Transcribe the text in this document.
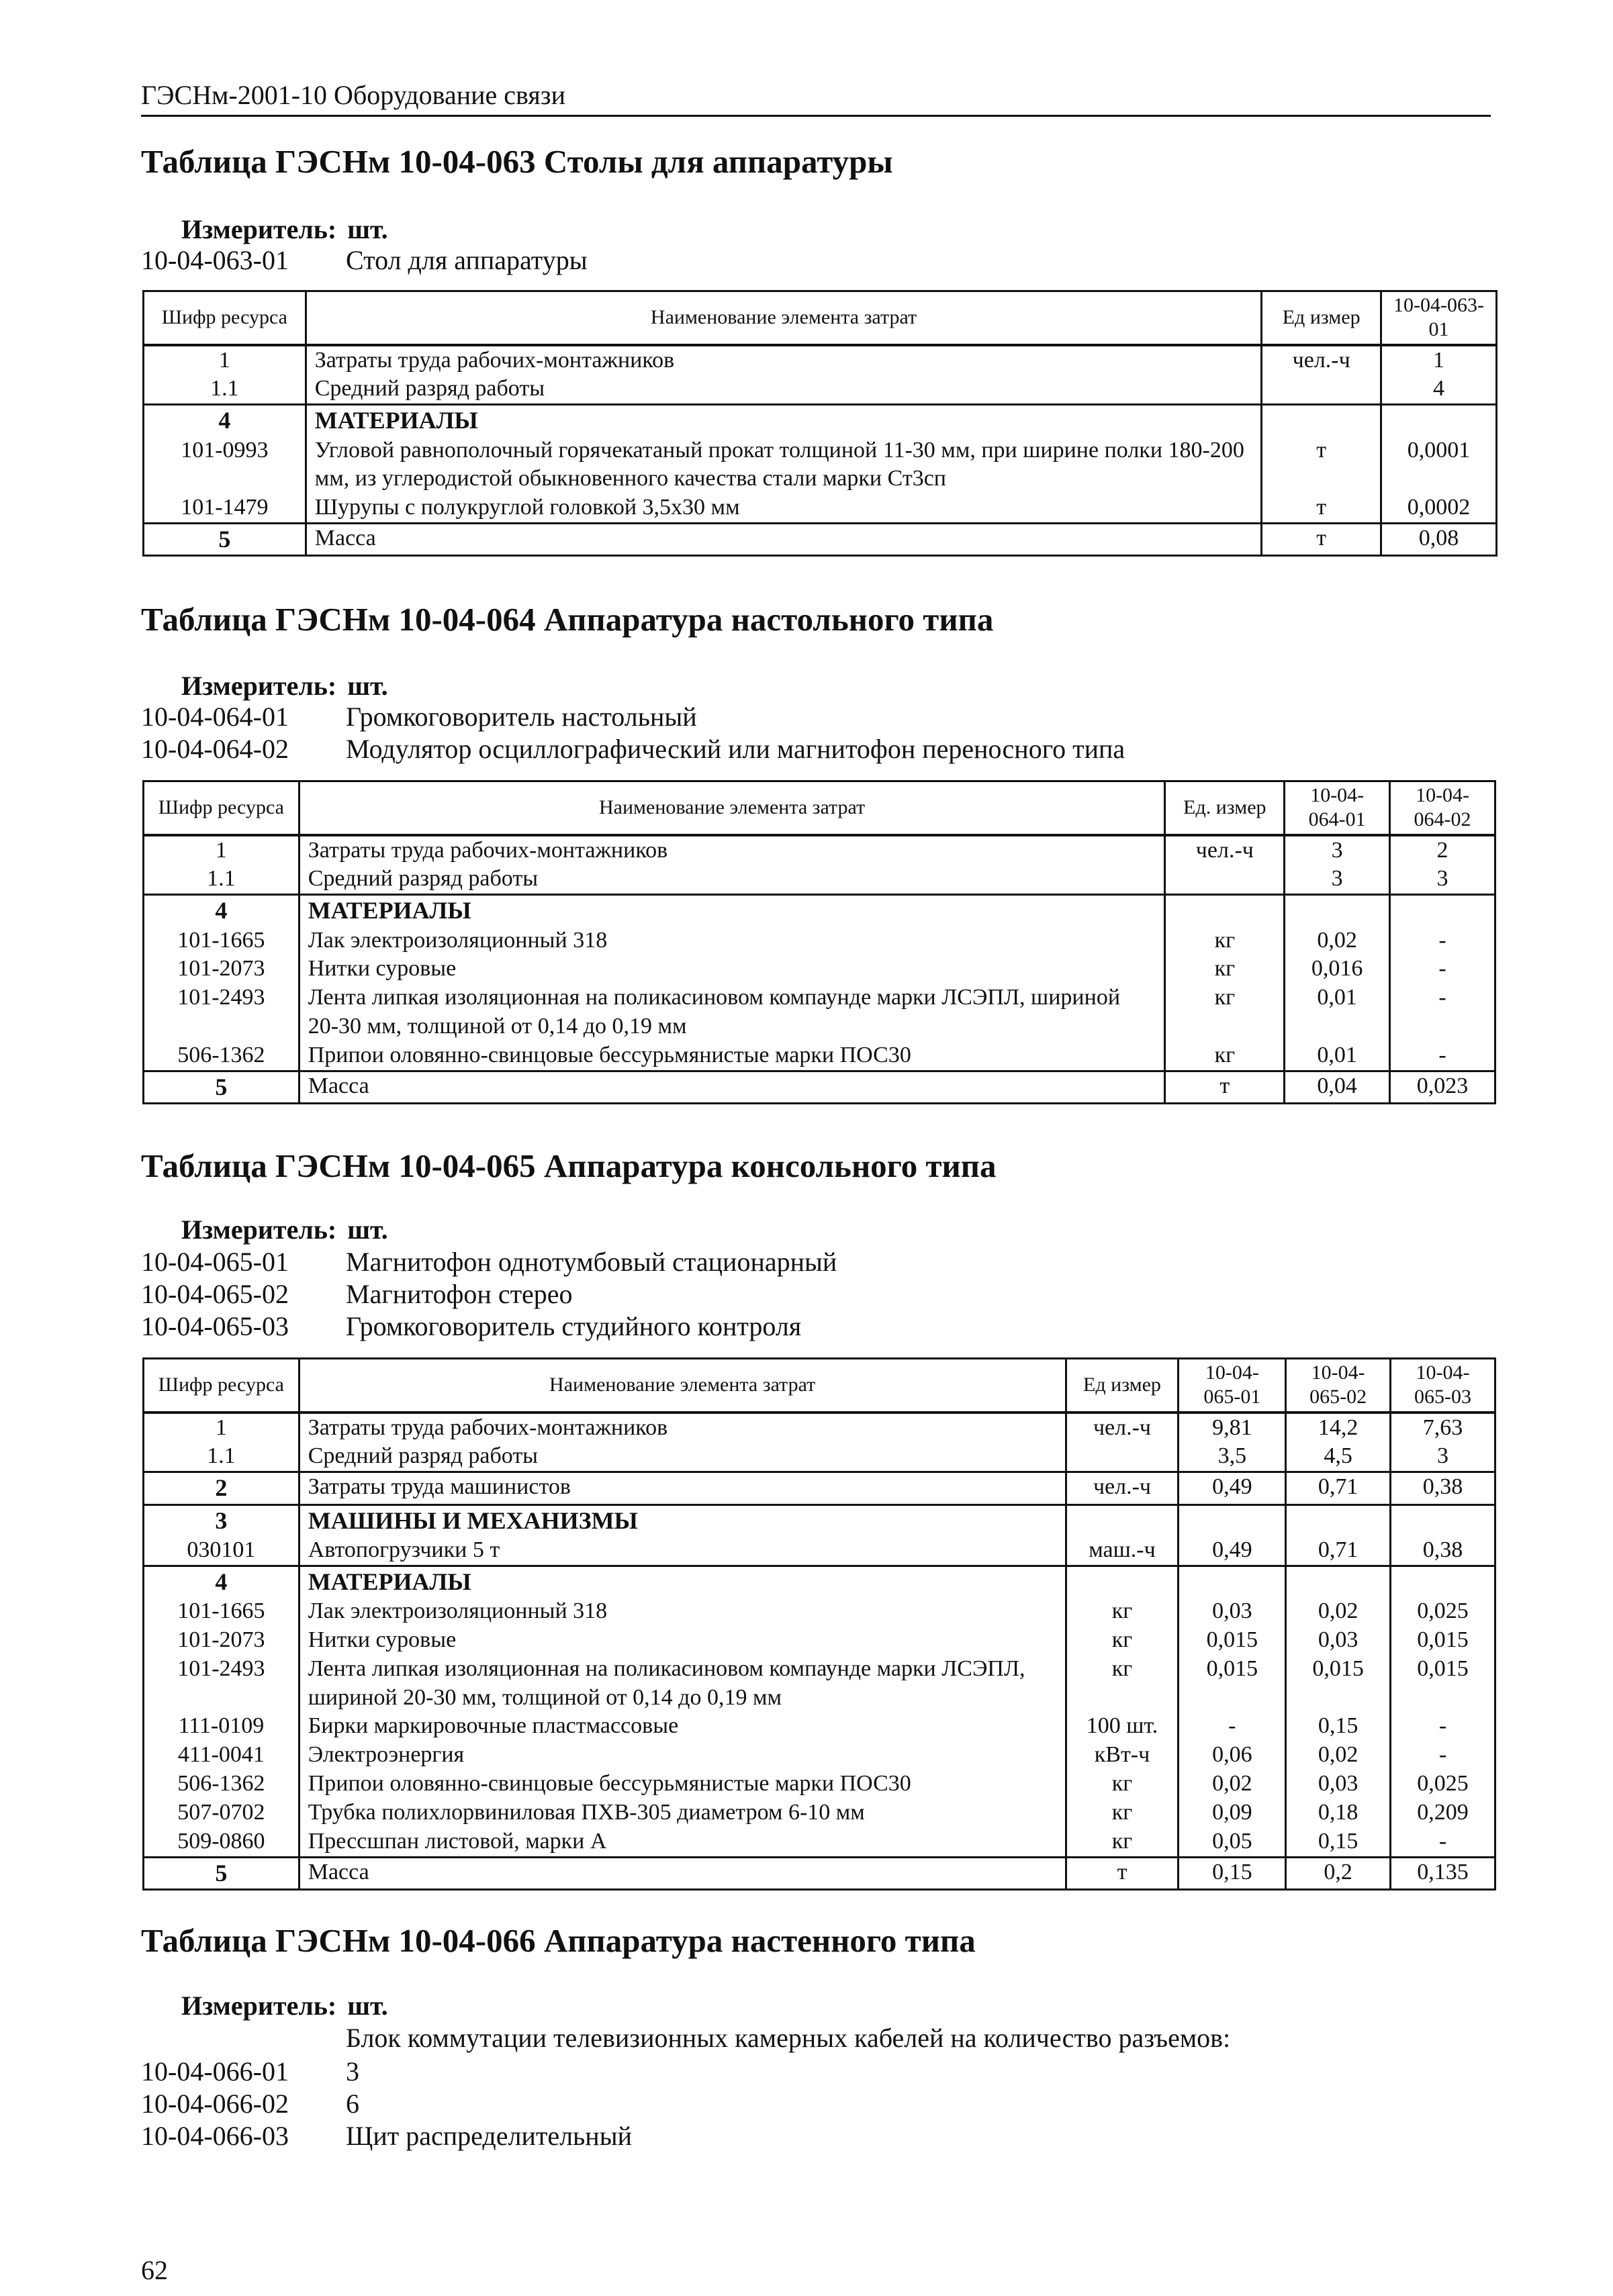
ГЭСНм-2001-10 Оборудование связи
Таблица ГЭСНм 10-04-063 Столы для аппаратуры
Измеритель: шт.
10-04-063-01 Стол для аппаратуры
Шифр ресурса	Наименование элемента затрат	Ед измер	10-04-063-01
1	Затраты труда рабочих-монтажников	чел.-ч	1
1.1	Средний разряд работы		4
4	МАТЕРИАЛЫ		
101-0993	Угловой равнополочный горячекатаный прокат толщиной 11-30 мм, при ширине полки 180-200 мм, из углеродистой обыкновенного качества стали марки Ст3сп	т	0,0001
101-1479	Шурупы с полукруглой головкой 3,5х30 мм	т	0,0002
5	Масса	т	0,08
Таблица ГЭСНм 10-04-064 Аппаратура настольного типа
Измеритель: шт.
10-04-064-01 Громкоговоритель настольный
10-04-064-02 Модулятор осциллографический или магнитофон переносного типа
Шифр ресурса	Наименование элемента затрат	Ед. измер	10-04-064-01	10-04-064-02
1	Затраты труда рабочих-монтажников	чел.-ч	3	2
1.1	Средний разряд работы		3	3
4	МАТЕРИАЛЫ			
101-1665	Лак электроизоляционный 318	кг	0,02	-
101-2073	Нитки суровые	кг	0,016	-
101-2493	Лента липкая изоляционная на поликасиновом компаунде марки ЛСЭПЛ, шириной 20-30 мм, толщиной от 0,14 до 0,19 мм	кг	0,01	-
506-1362	Припои оловянно-свинцовые бессурьмянистые марки ПОС30	кг	0,01	-
5	Масса	т	0,04	0,023
Таблица ГЭСНм 10-04-065 Аппаратура консольного типа
Измеритель: шт.
10-04-065-01 Магнитофон однотумбовый стационарный
10-04-065-02 Магнитофон стерео
10-04-065-03 Громкоговоритель студийного контроля
Шифр ресурса	Наименование элемента затрат	Ед измер	10-04-065-01	10-04-065-02	10-04-065-03
1	Затраты труда рабочих-монтажников	чел.-ч	9,81	14,2	7,63
1.1	Средний разряд работы		3,5	4,5	3
2	Затраты труда машинистов	чел.-ч	0,49	0,71	0,38
3	МАШИНЫ И МЕХАНИЗМЫ				
030101	Автопогрузчики 5 т	маш.-ч	0,49	0,71	0,38
4	МАТЕРИАЛЫ				
101-1665	Лак электроизоляционный 318	кг	0,03	0,02	0,025
101-2073	Нитки суровые	кг	0,015	0,03	0,015
101-2493	Лента липкая изоляционная на поликасиновом компаунде марки ЛСЭПЛ, шириной 20-30 мм, толщиной от 0,14 до 0,19 мм	кг	0,015	0,015	0,015
111-0109	Бирки маркировочные пластмассовые	100 шт.	-	0,15	-
411-0041	Электроэнергия	кВт-ч	0,06	0,02	-
506-1362	Припои оловянно-свинцовые бессурьмянистые марки ПОС30	кг	0,02	0,03	0,025
507-0702	Трубка полихлорвиниловая ПХВ-305 диаметром 6-10 мм	кг	0,09	0,18	0,209
509-0860	Прессшпан листовой, марки А	кг	0,05	0,15	-
5	Масса	т	0,15	0,2	0,135
Таблица ГЭСНм 10-04-066 Аппаратура настенного типа
Измеритель: шт.
Блок коммутации телевизионных камерных кабелей на количество разъемов:
10-04-066-01 3
10-04-066-02 6
10-04-066-03 Щит распределительный
62
